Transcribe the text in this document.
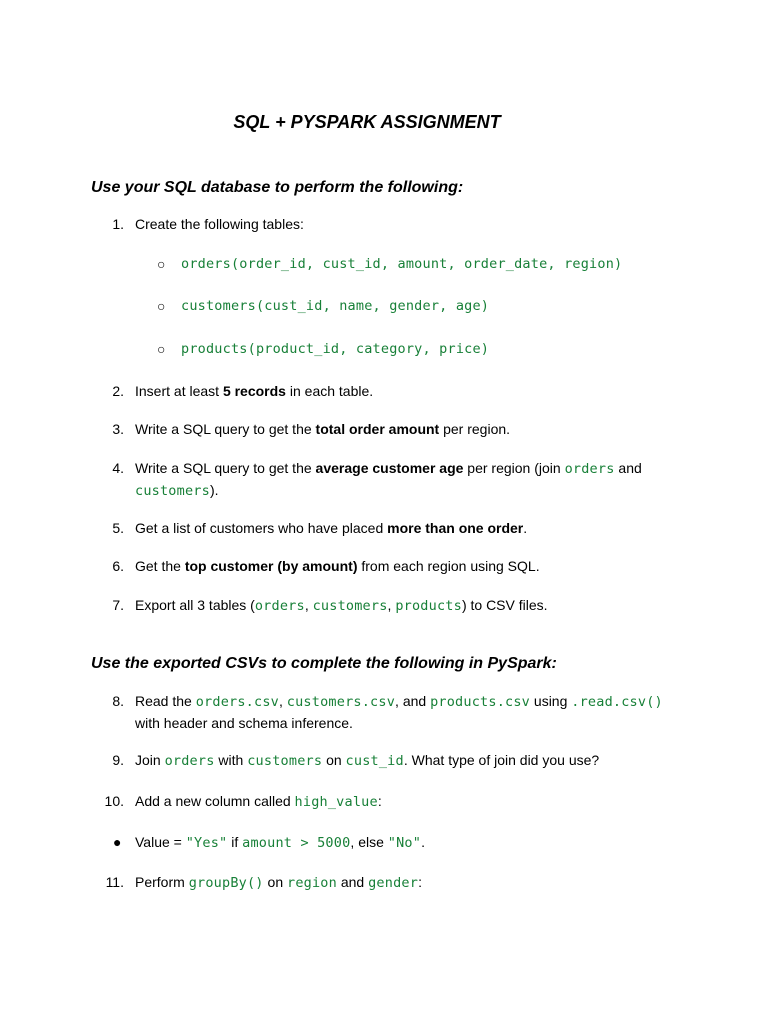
SQL + PYSPARK ASSIGNMENT
Use your SQL database to perform the following:
1. Create the following tables:
○ orders(order_id, cust_id, amount, order_date, region)
○ customers(cust_id, name, gender, age)
○ products(product_id, category, price)
2. Insert at least 5 records in each table.
3. Write a SQL query to get the total order amount per region.
4. Write a SQL query to get the average customer age per region (join orders and
customers).
5. Get a list of customers who have placed more than one order.
6. Get the top customer (by amount) from each region using SQL.
7. Export all 3 tables (orders, customers, products) to CSV files.
Use the exported CSVs to complete the following in PySpark:
8. Read the orders.csv, customers.csv, and products.csv using .read.csv()
with header and schema inference.
9. Join orders with customers on cust_id. What type of join did you use?
10. Add a new column called high_value:
● Value = "Yes" if amount > 5000, else "No".
11. Perform groupBy() on region and gender:
